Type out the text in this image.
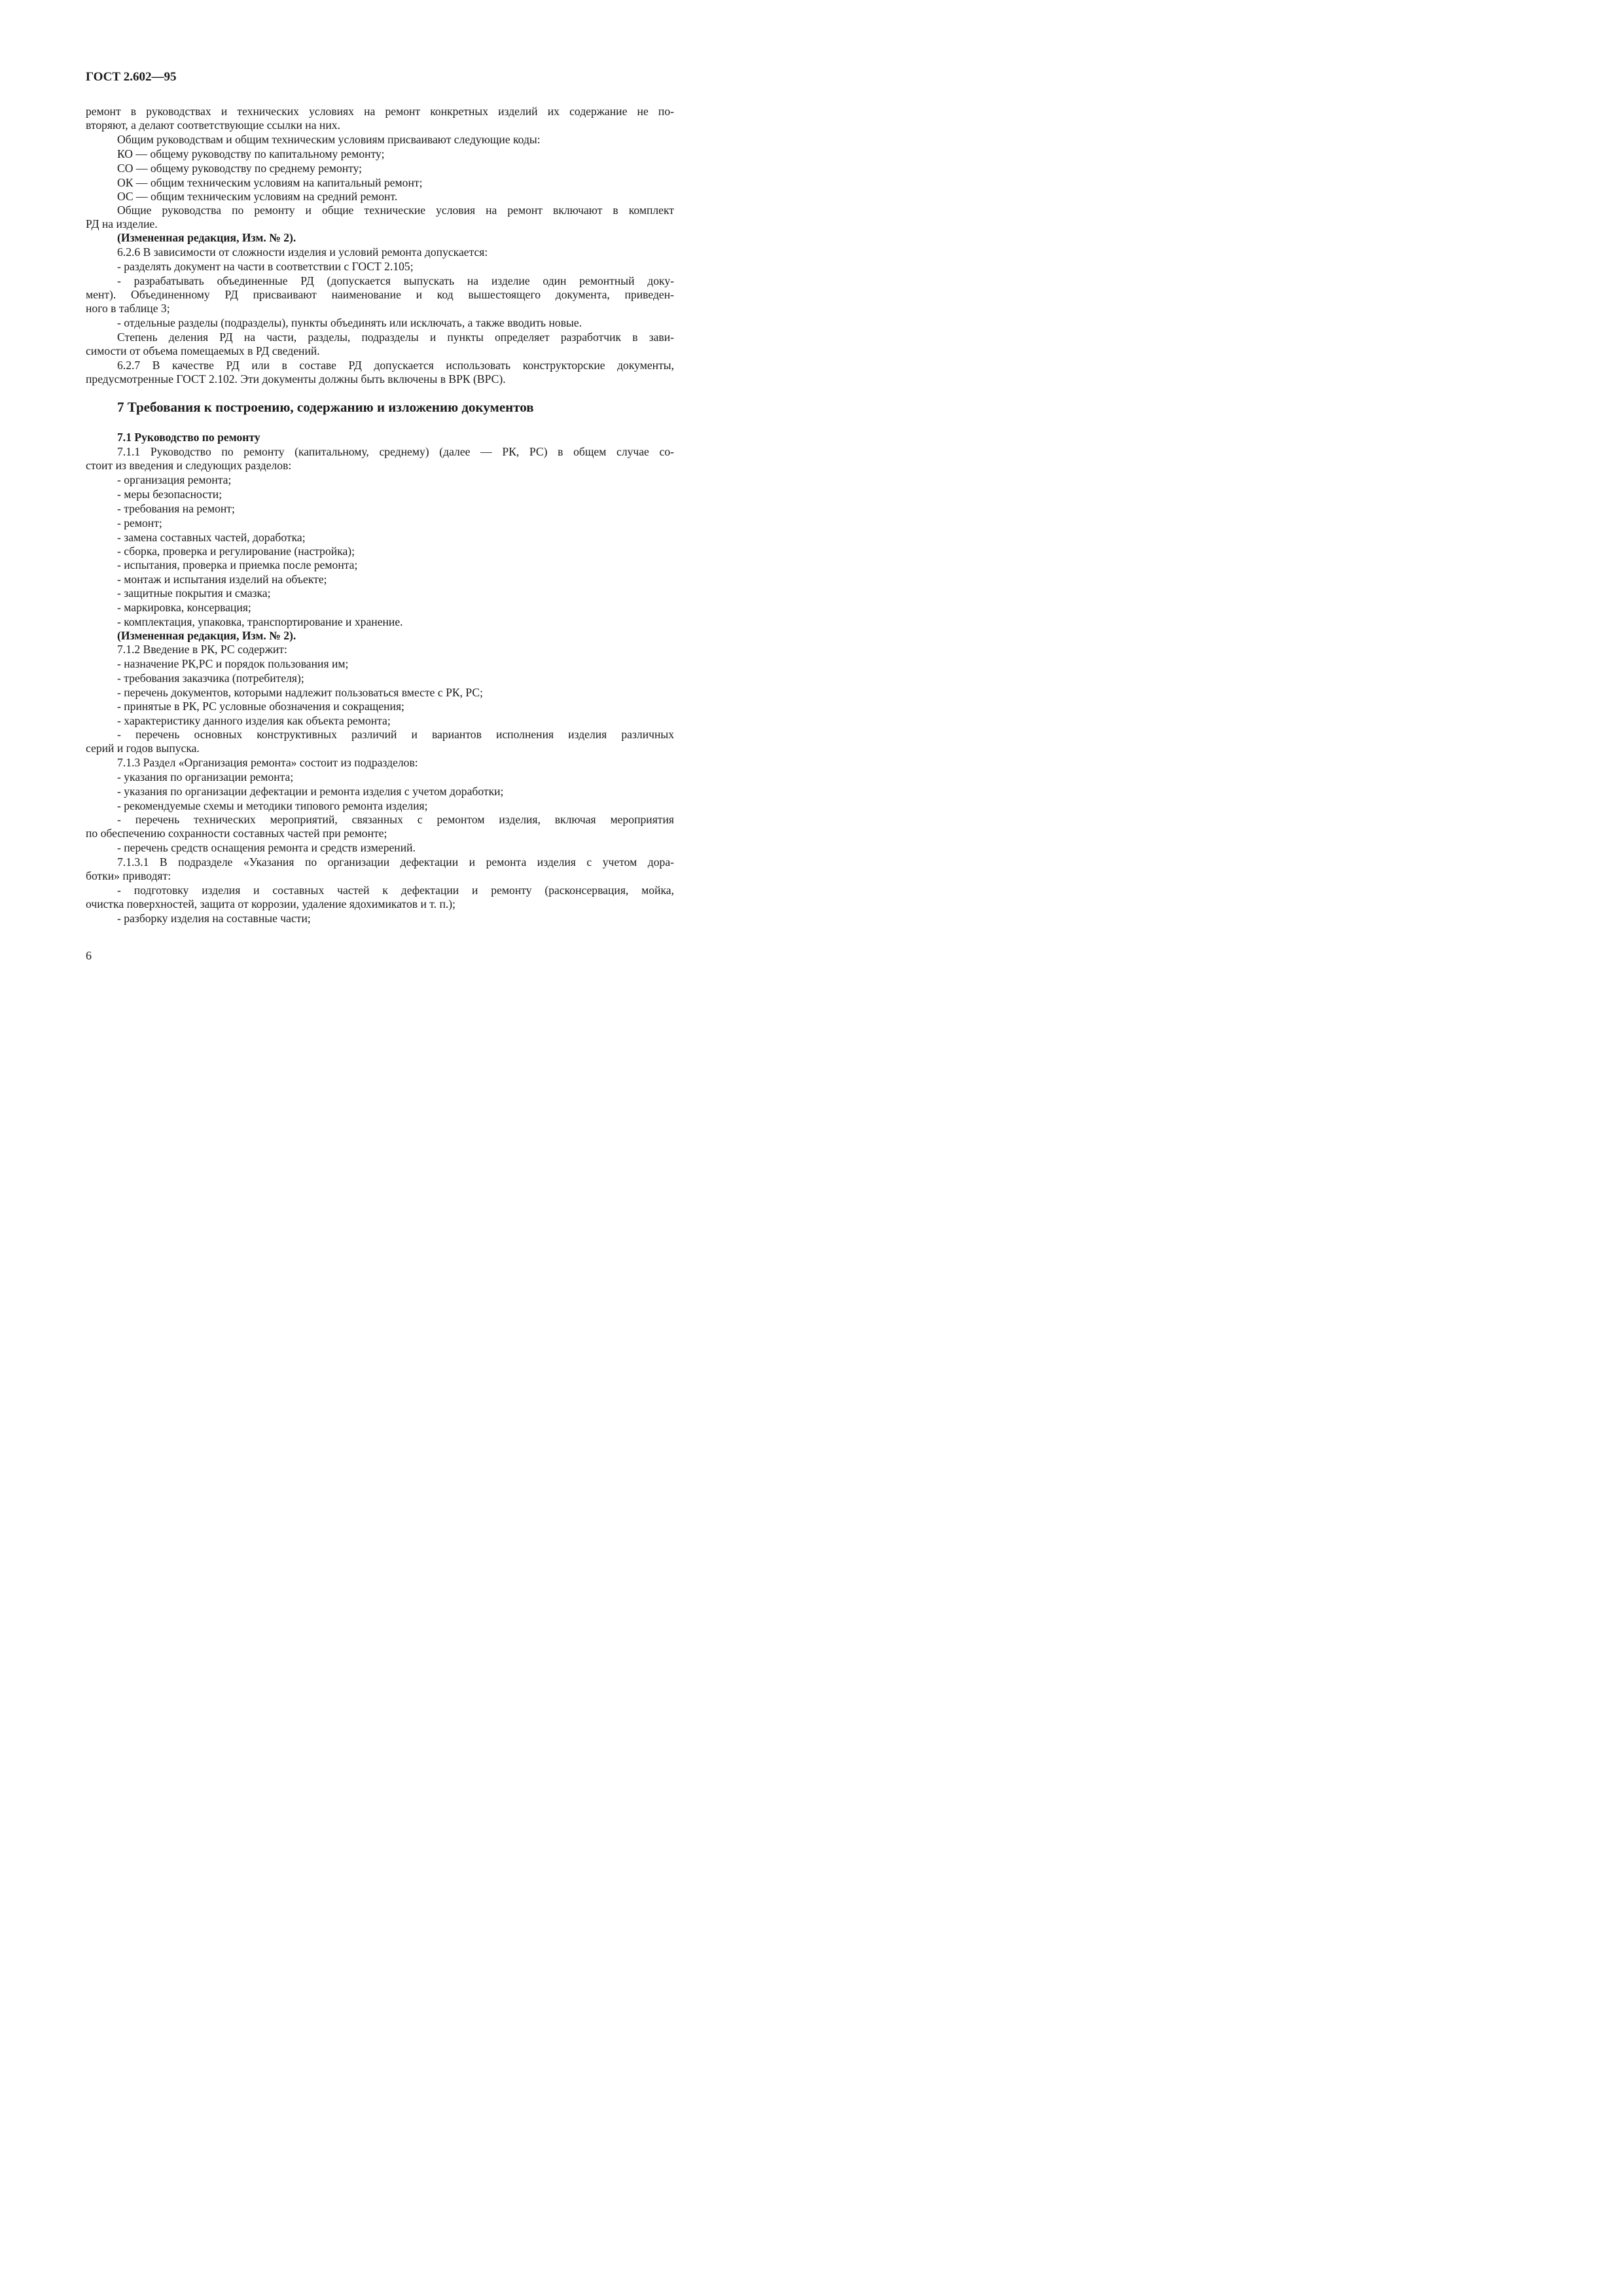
ГОСТ 2.602—95
ремонт в руководствах и технических условиях на ремонт конкретных изделий их содержание не по-
вторяют, а делают соответствующие ссылки на них.
Общим руководствам и общим техническим условиям присваивают следующие коды:
КО — общему руководству по капитальному ремонту;
СО — общему руководству по среднему ремонту;
ОК — общим техническим условиям на капитальный ремонт;
ОС — общим техническим условиям на средний ремонт.
Общие руководства по ремонту и общие технические условия на ремонт включают в комплект
РД на изделие.
(Измененная редакция, Изм. № 2).
6.2.6 В зависимости от сложности изделия и условий ремонта допускается:
- разделять документ на части в соответствии с ГОСТ 2.105;
- разрабатывать объединенные РД (допускается выпускать на изделие один ремонтный доку-
мент). Объединенному РД присваивают наименование и код вышестоящего документа, приведен-
ного в таблице 3;
- отдельные разделы (подразделы), пункты объединять или исключать, а также вводить новые.
Степень деления РД на части, разделы, подразделы и пункты определяет разработчик в зави-
симости от объема помещаемых в РД сведений.
6.2.7 В качестве РД или в составе РД допускается использовать конструкторские документы,
предусмотренные ГОСТ 2.102. Эти документы должны быть включены в ВРК (ВРС).
7 Требования к построению, содержанию и изложению документов
7.1 Руководство по ремонту
7.1.1 Руководство по ремонту (капитальному, среднему) (далее — РК, РС) в общем случае со-
стоит из введения и следующих разделов:
- организация ремонта;
- меры безопасности;
- требования на ремонт;
- ремонт;
- замена составных частей, доработка;
- сборка, проверка и регулирование (настройка);
- испытания, проверка и приемка после ремонта;
- монтаж и испытания изделий на объекте;
- защитные покрытия и смазка;
- маркировка, консервация;
- комплектация, упаковка, транспортирование и хранение.
(Измененная редакция, Изм. № 2).
7.1.2 Введение в РК, РС содержит:
- назначение РК,РС и порядок пользования им;
- требования заказчика (потребителя);
- перечень документов, которыми надлежит пользоваться вместе с РК, РС;
- принятые в РК, РС условные обозначения и сокращения;
- характеристику данного изделия как объекта ремонта;
- перечень основных конструктивных различий и вариантов исполнения изделия различных
серий и годов выпуска.
7.1.3 Раздел «Организация ремонта» состоит из подразделов:
- указания по организации ремонта;
- указания по организации дефектации и ремонта изделия с учетом доработки;
- рекомендуемые схемы и методики типового ремонта изделия;
- перечень технических мероприятий, связанных с ремонтом изделия, включая мероприятия
по обеспечению сохранности составных частей при ремонте;
- перечень средств оснащения ремонта и средств измерений.
7.1.3.1 В подразделе «Указания по организации дефектации и ремонта изделия с учетом дора-
ботки» приводят:
- подготовку изделия и составных частей к дефектации и ремонту (расконсервация, мойка,
очистка поверхностей, защита от коррозии, удаление ядохимикатов и т. п.);
- разборку изделия на составные части;
6
